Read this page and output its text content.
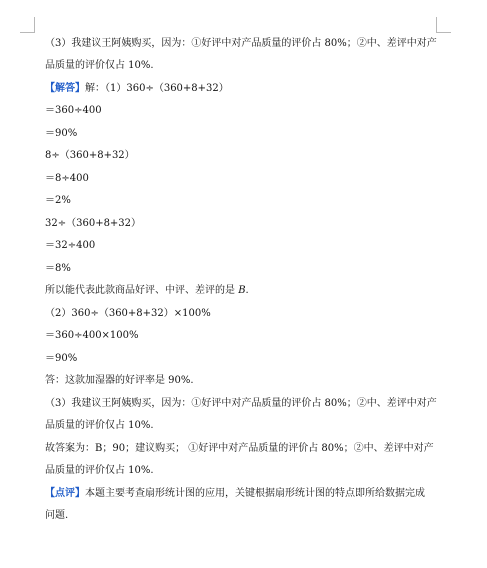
（3）我建议王阿姨购买，因为：①好评中对产品质量的评价占 80%；②中、差评中对产
品质量的评价仅占 10%.
【解答】解：（1）360÷（360+8+32）
＝360÷400
＝90%
8÷（360+8+32）
＝8÷400
＝2%
32÷（360+8+32）
＝32÷400
＝8%
所以能代表此款商品好评、中评、差评的是 B.
（2）360÷（360+8+32）×100%
＝360÷400×100%
＝90%
答：这款加湿器的好评率是 90%.
（3）我建议王阿姨购买，因为：①好评中对产品质量的评价占 80%；②中、差评中对产
品质量的评价仅占 10%.
故答案为：B；90；建议购买； ①好评中对产品质量的评价占 80%；②中、差评中对产
品质量的评价仅占 10%.
【点评】本题主要考查扇形统计图的应用，关键根据扇形统计图的特点即所给数据完成
问题.
